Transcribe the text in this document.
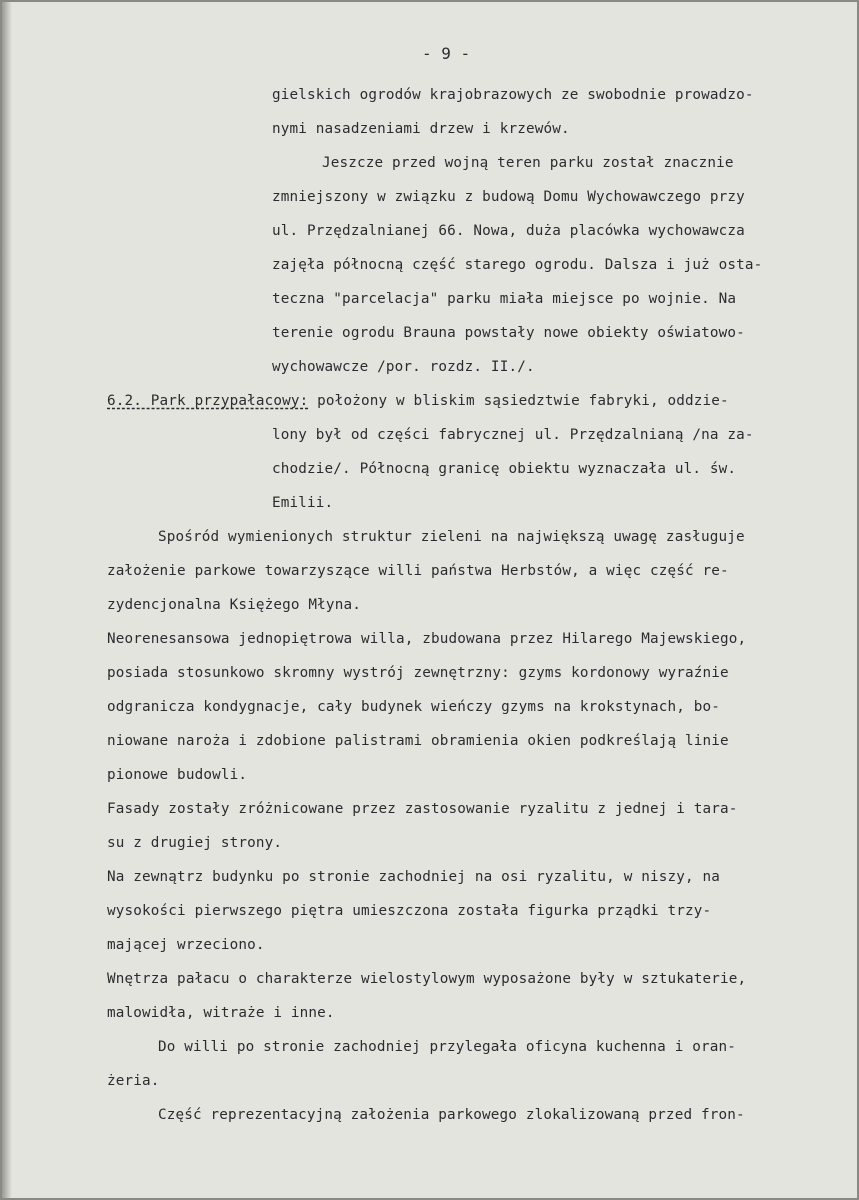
- 9 -
gielskich ogrodów krajobrazowych ze swobodnie prowadzo-
nymi nasadzeniami drzew i krzewów.
Jeszcze przed wojną teren parku został znacznie
zmniejszony w związku z budową Domu Wychowawczego przy
ul. Przędzalnianej 66. Nowa, duża placówka wychowawcza
zajęła północną część starego ogrodu. Dalsza i już osta-
teczna "parcelacja" parku miała miejsce po wojnie. Na
terenie ogrodu Brauna powstały nowe obiekty oświatowo-
wychowawcze /por. rozdz. II./.
6.2. Park przypałacowy: położony w bliskim sąsiedztwie fabryki, oddzie-
lony był od części fabrycznej ul. Przędzalnianą /na za-
chodzie/. Północną granicę obiektu wyznaczała ul. św.
Emilii.
Spośród wymienionych struktur zieleni na największą uwagę zasługuje
założenie parkowe towarzyszące willi państwa Herbstów, a więc część re-
zydencjonalna Księżego Młyna.
Neorenesansowa jednopiętrowa willa, zbudowana przez Hilarego Majewskiego,
posiada stosunkowo skromny wystrój zewnętrzny: gzyms kordonowy wyraźnie
odgranicza kondygnacje, cały budynek wieńczy gzyms na krokstynach, bo-
niowane naroża i zdobione palistrami obramienia okien podkreślają linie
pionowe budowli.
Fasady zostały zróżnicowane przez zastosowanie ryzalitu z jednej i tara-
su z drugiej strony.
Na zewnątrz budynku po stronie zachodniej na osi ryzalitu, w niszy, na
wysokości pierwszego piętra umieszczona została figurka prządki trzy-
mającej wrzeciono.
Wnętrza pałacu o charakterze wielostylowym wyposażone były w sztukaterie,
malowidła, witraże i inne.
Do willi po stronie zachodniej przylegała oficyna kuchenna i oran-
żeria.
Część reprezentacyjną założenia parkowego zlokalizowaną przed fron-
